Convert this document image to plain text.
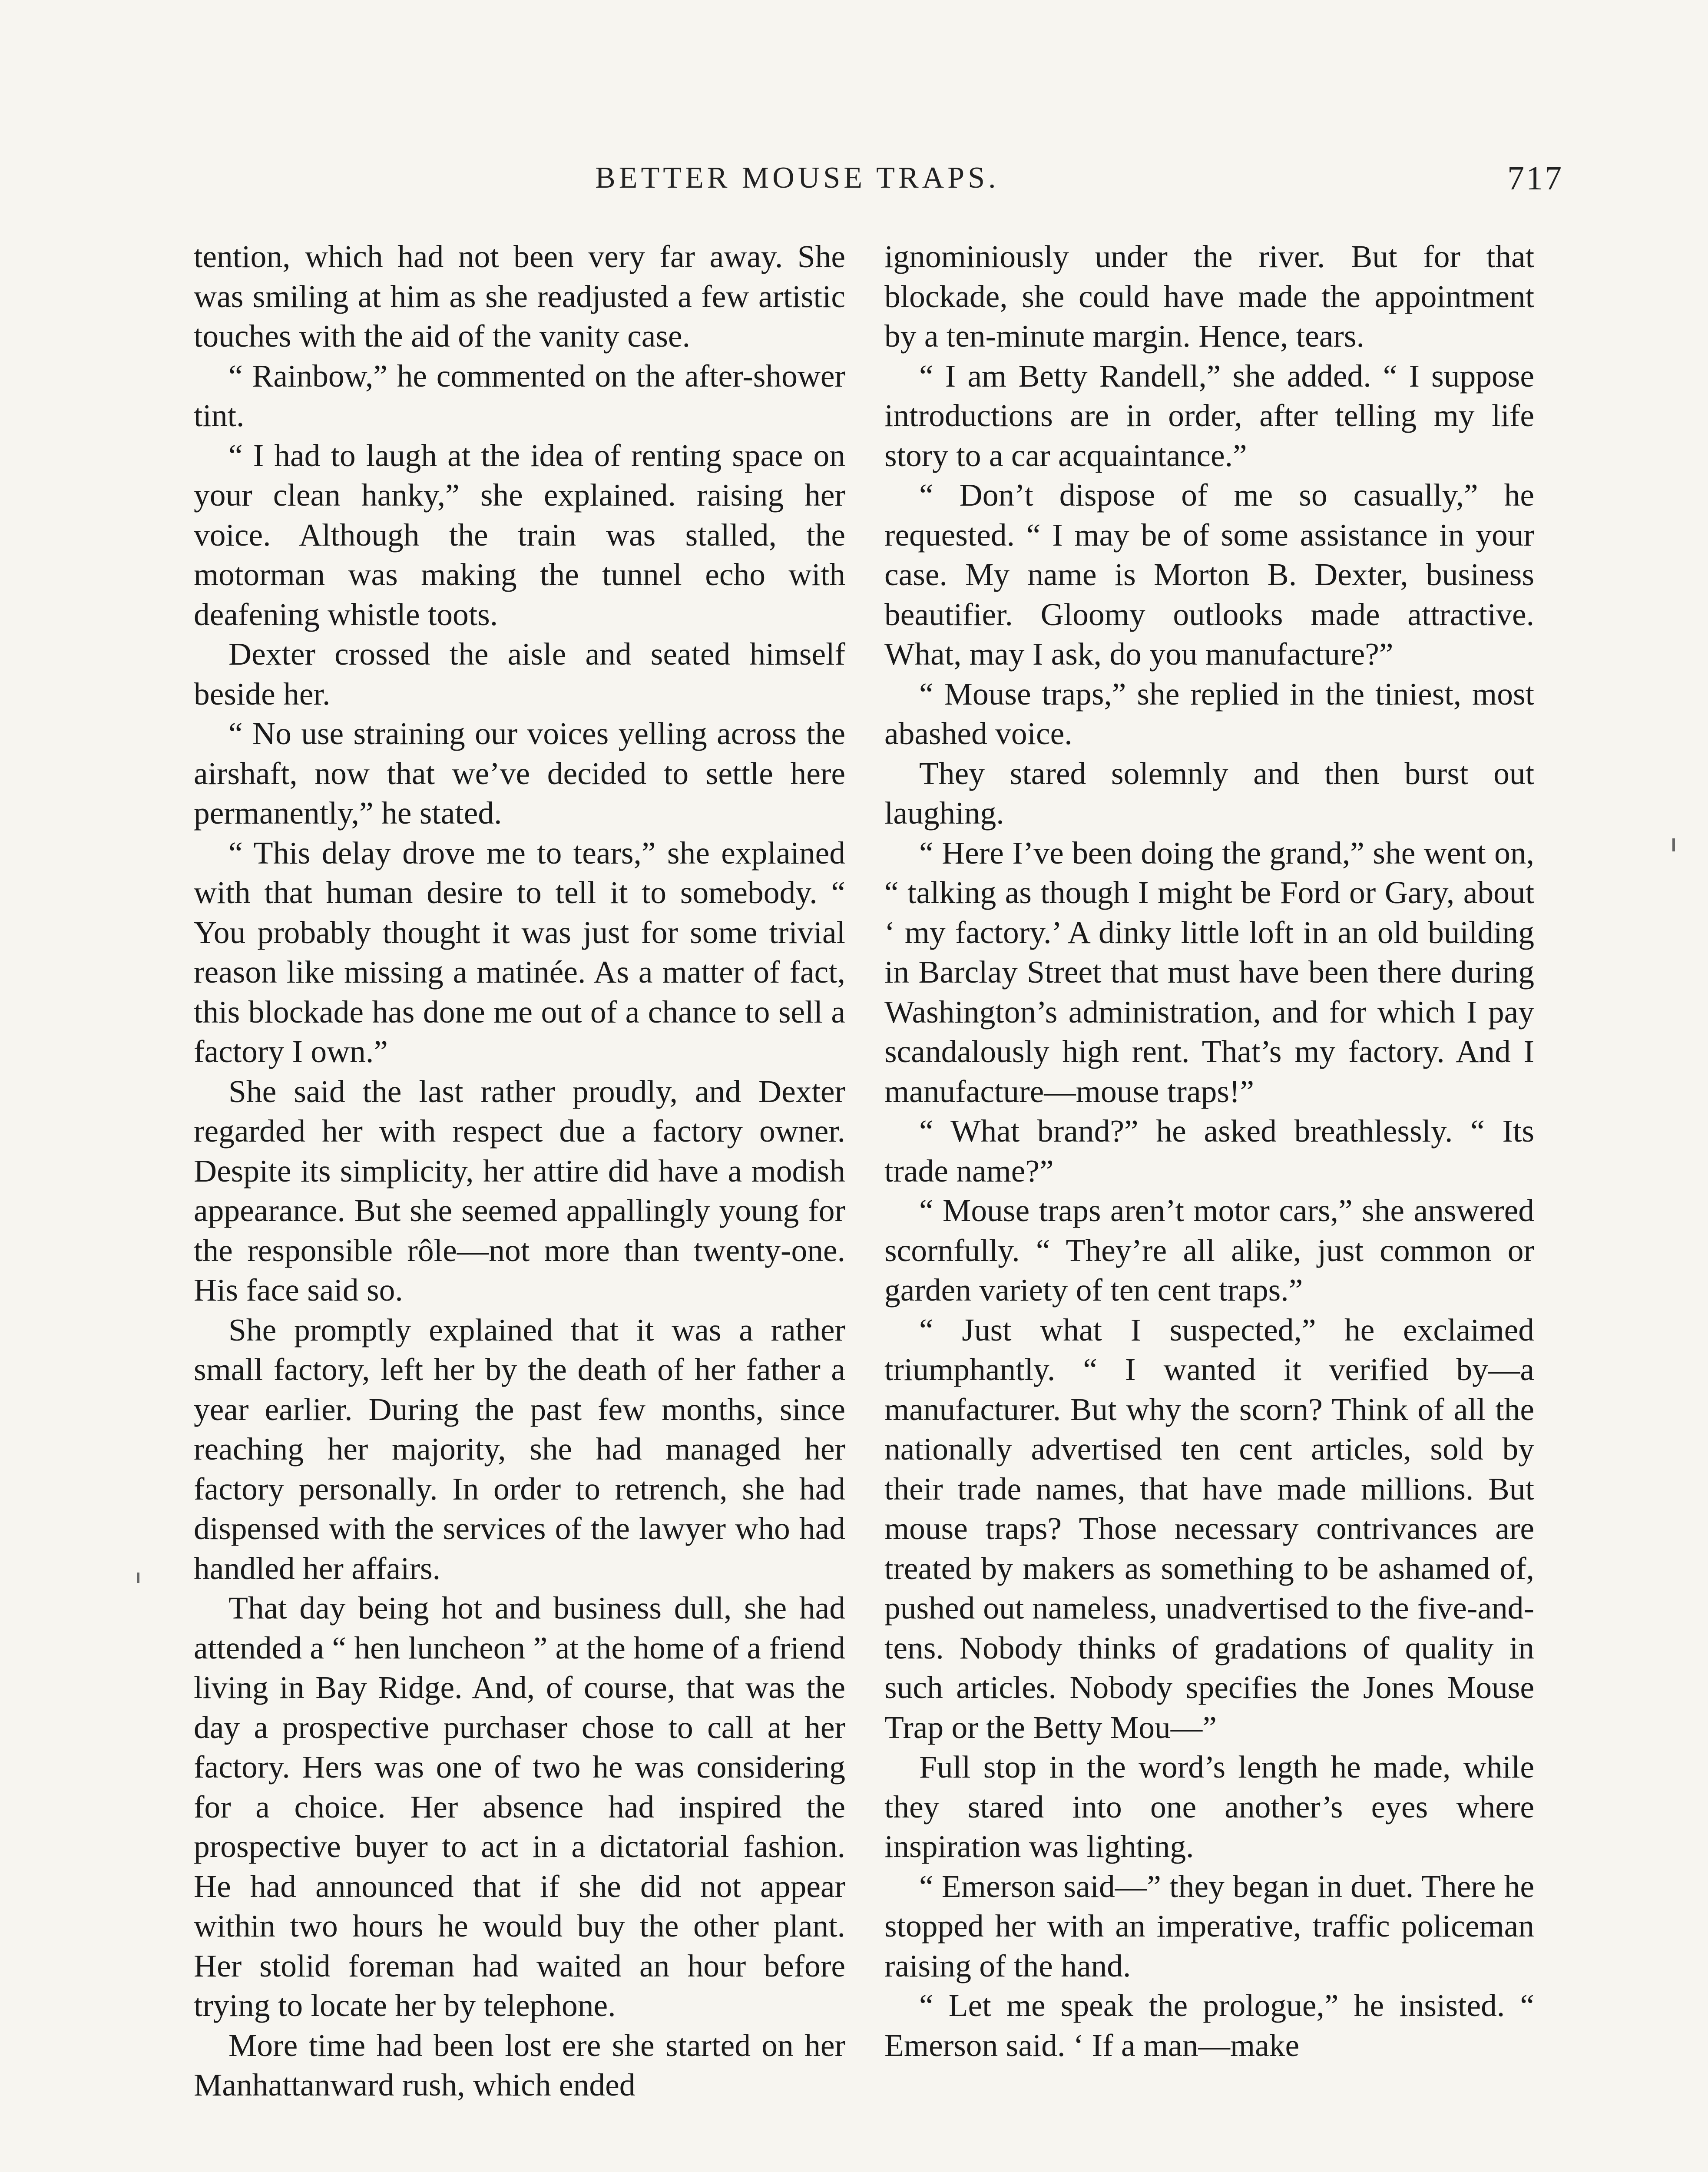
BETTER MOUSE TRAPS.	717

tention, which had not been very far away. She was smiling at him as she readjusted a few artistic touches with the aid of the vanity case.

“ Rainbow,” he commented on the after-shower tint.

“ I had to laugh at the idea of renting space on your clean hanky,” she explained. raising her voice. Although the train was stalled, the motorman was making the tunnel echo with deafening whistle toots.

Dexter crossed the aisle and seated himself beside her.

“ No use straining our voices yelling across the airshaft, now that we’ve decided to settle here permanently,” he stated.

“ This delay drove me to tears,” she explained with that human desire to tell it to somebody. “ You probably thought it was just for some trivial reason like missing a matinée. As a matter of fact, this blockade has done me out of a chance to sell a factory I own.”

She said the last rather proudly, and Dexter regarded her with respect due a factory owner. Despite its simplicity, her attire did have a modish appearance. But she seemed appallingly young for the responsible rôle—not more than twenty-one. His face said so.

She promptly explained that it was a rather small factory, left her by the death of her father a year earlier. During the past few months, since reaching her majority, she had managed her factory personally. In order to retrench, she had dispensed with the services of the lawyer who had handled her affairs.

That day being hot and business dull, she had attended a “ hen luncheon ” at the home of a friend living in Bay Ridge. And, of course, that was the day a prospective purchaser chose to call at her factory. Hers was one of two he was considering for a choice. Her absence had inspired the prospective buyer to act in a dictatorial fashion. He had announced that if she did not appear within two hours he would buy the other plant. Her stolid foreman had waited an hour before trying to locate her by telephone.

More time had been lost ere she started on her Manhattanward rush, which ended

ignominiously under the river. But for that blockade, she could have made the appointment by a ten-minute margin. Hence, tears.

“ I am Betty Randell,” she added. “ I suppose introductions are in order, after telling my life story to a car acquaintance.”

“ Don’t dispose of me so casually,” he requested. “ I may be of some assistance in your case. My name is Morton B. Dexter, business beautifier. Gloomy outlooks made attractive. What, may I ask, do you manufacture?”

“ Mouse traps,” she replied in the tiniest, most abashed voice.

They stared solemnly and then burst out laughing.

“ Here I’ve been doing the grand,” she went on, “ talking as though I might be Ford or Gary, about ‘ my factory.’ A dinky little loft in an old building in Barclay Street that must have been there during Washington’s administration, and for which I pay scandalously high rent. That’s my factory. And I manufacture—mouse traps!”

“ What brand?” he asked breathlessly. “ Its trade name?”

“ Mouse traps aren’t motor cars,” she answered scornfully. “ They’re all alike, just common or garden variety of ten cent traps.”

“ Just what I suspected,” he exclaimed triumphantly. “ I wanted it verified by—a manufacturer. But why the scorn? Think of all the nationally advertised ten cent articles, sold by their trade names, that have made millions. But mouse traps? Those necessary contrivances are treated by makers as something to be ashamed of, pushed out nameless, unadvertised to the five-and-tens. Nobody thinks of gradations of quality in such articles. Nobody specifies the Jones Mouse Trap or the Betty Mou—”

Full stop in the word’s length he made, while they stared into one another’s eyes where inspiration was lighting.

“ Emerson said—” they began in duet. There he stopped her with an imperative, traffic policeman raising of the hand.

“ Let me speak the prologue,” he insisted. “ Emerson said. ‘ If a man—make
